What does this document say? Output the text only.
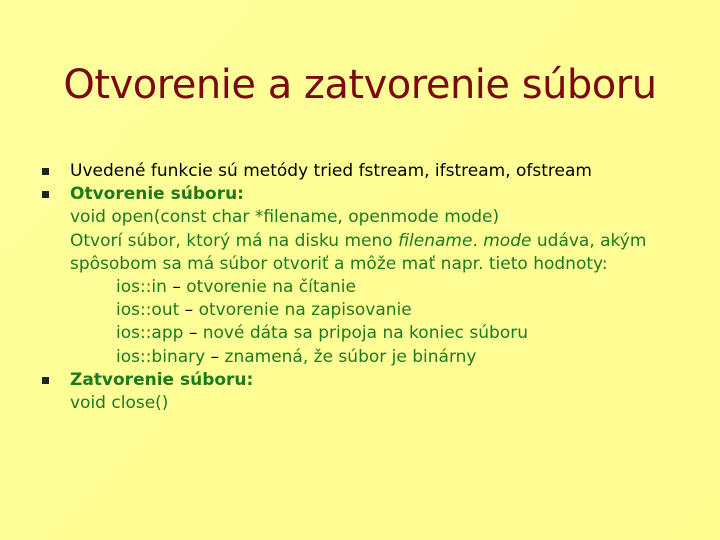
Otvorenie a zatvorenie súboru
Uvedené funkcie sú metódy tried fstream, ifstream, ofstream
Otvorenie súboru:
void open(const char *filename, openmode mode)
Otvorí súbor, ktorý má na disku meno filename. mode udáva, akým
spôsobom sa má súbor otvoriť a môže mať napr. tieto hodnoty:
ios::in – otvorenie na čítanie
ios::out – otvorenie na zapisovanie
ios::app – nové dáta sa pripoja na koniec súboru
ios::binary – znamená, že súbor je binárny
Zatvorenie súboru:
void close()
